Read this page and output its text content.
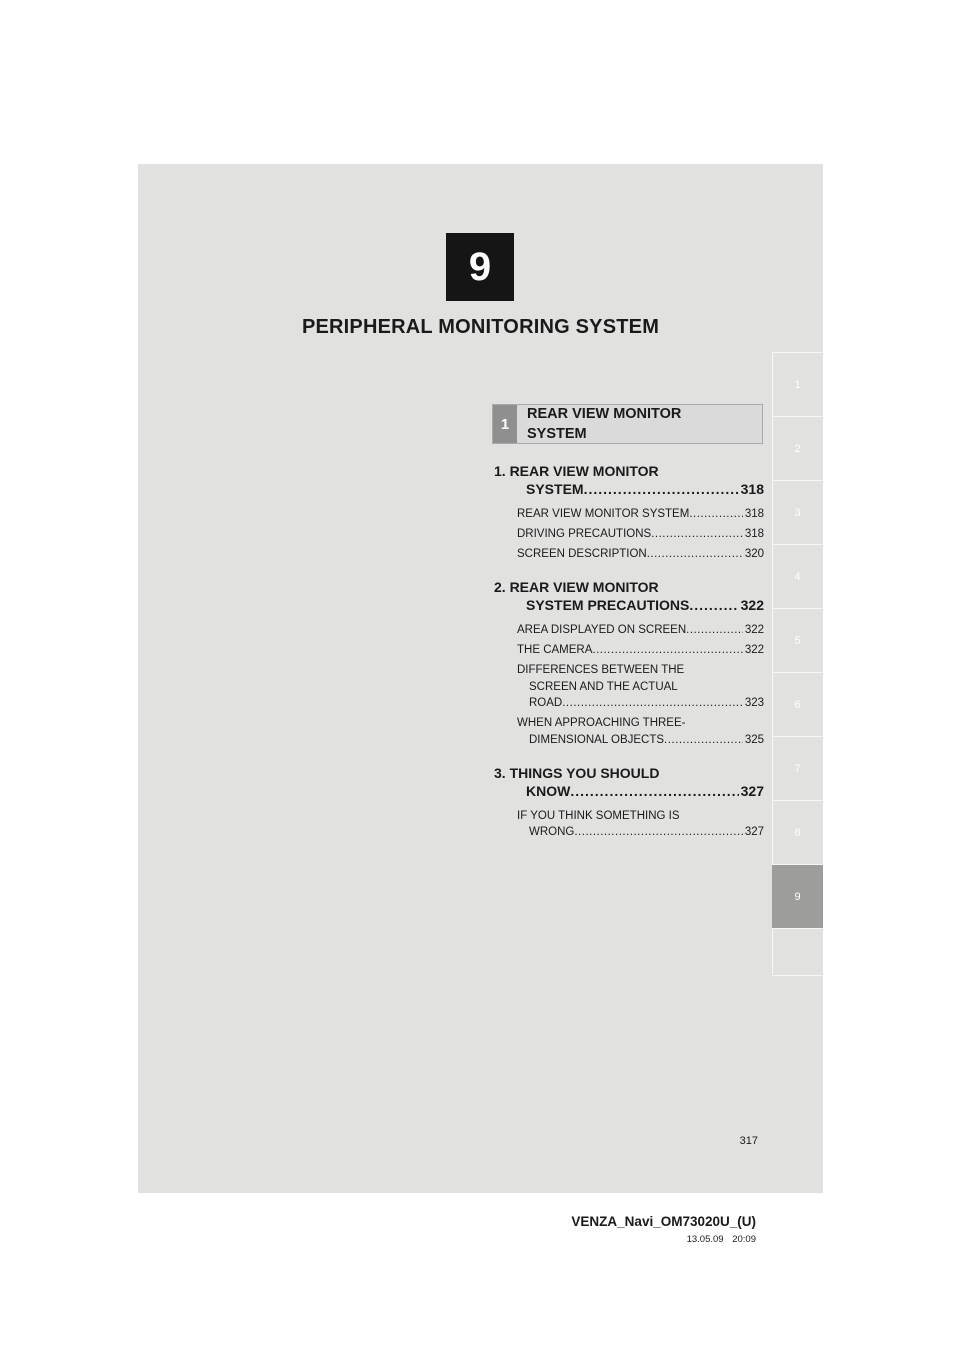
9
PERIPHERAL MONITORING SYSTEM
1
2
3
4
5
6
7
8
9
1
REAR VIEW MONITOR
SYSTEM
1. REAR VIEW MONITOR
SYSTEM .....	318
REAR VIEW MONITOR SYSTEM .....	318
DRIVING PRECAUTIONS .....	318
SCREEN DESCRIPTION .....	320
2. REAR VIEW MONITOR
SYSTEM PRECAUTIONS .....	322
AREA DISPLAYED ON SCREEN .....	322
THE CAMERA .....	322
DIFFERENCES BETWEEN THE
SCREEN AND THE ACTUAL
ROAD .....	323
WHEN APPROACHING THREE-
DIMENSIONAL OBJECTS .....	325
3. THINGS YOU SHOULD
KNOW .....	327
IF YOU THINK SOMETHING IS
WRONG .....	327
317
VENZA_Navi_OM73020U_(U)
13.05.09 20:09
